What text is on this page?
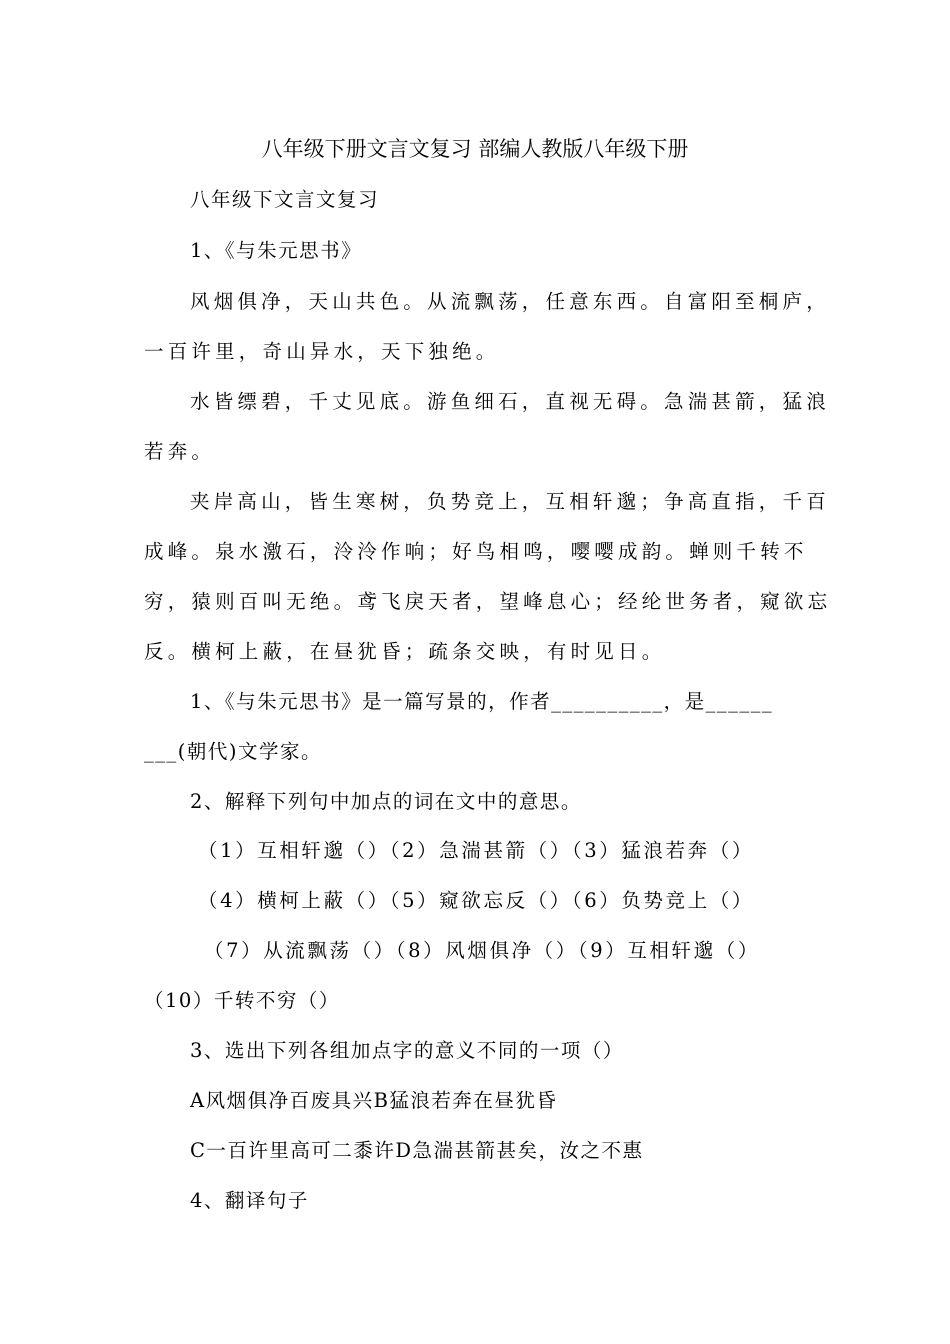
八年级下册文言文复习 部编人教版八年级下册
八年级下文言文复习
1、《与朱元思书》
风烟俱净，天山共色。从流飘荡，任意东西。自富阳至桐庐，
一百许里，奇山异水，天下独绝。
水皆缥碧，千丈见底。游鱼细石，直视无碍。急湍甚箭，猛浪
若奔。
夹岸高山，皆生寒树，负势竞上，互相轩邈；争高直指，千百
成峰。泉水激石，泠泠作响；好鸟相鸣，嘤嘤成韵。蝉则千转不
穷，猿则百叫无绝。鸢飞戾天者，望峰息心；经纶世务者，窥欲忘
反。横柯上蔽，在昼犹昏；疏条交映，有时见日。
1、《与朱元思书》是一篇写景的，作者__________，是______
___(朝代)文学家。
2、解释下列句中加点的词在文中的意思。
（1）互相轩邈（）（2）急湍甚箭（）（3）猛浪若奔（）
（4）横柯上蔽（）（5）窥欲忘反（）（6）负势竞上（）
（7）从流飘荡（）（8）风烟俱净（）（9）互相轩邈（）
（10）千转不穷（）
3、选出下列各组加点字的意义不同的一项（）
A风烟俱净百废具兴B猛浪若奔在昼犹昏
C一百许里高可二黍许D急湍甚箭甚矣，汝之不惠
4、翻译句子
